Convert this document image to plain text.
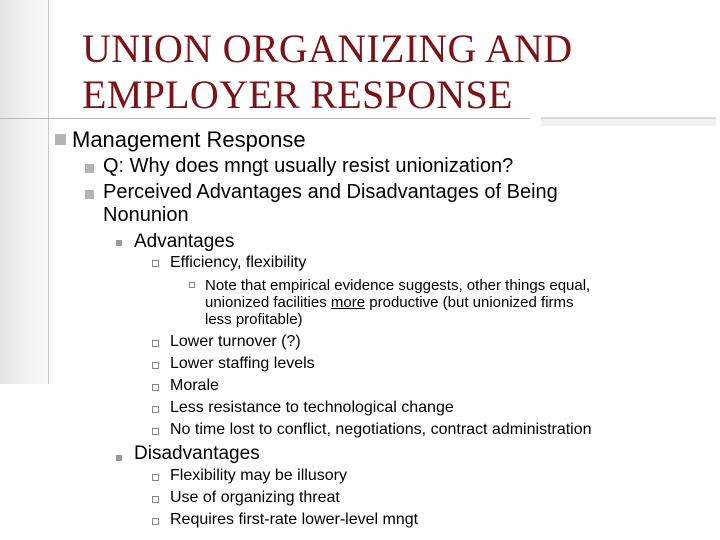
UNION ORGANIZING AND
EMPLOYER RESPONSE
Management Response
Q: Why does mngt usually resist unionization?
Perceived Advantages and Disadvantages of Being
Nonunion
Advantages
Efficiency, flexibility
Note that empirical evidence suggests, other things equal,
unionized facilities more productive (but unionized firms
less profitable)
Lower turnover (?)
Lower staffing levels
Morale
Less resistance to technological change
No time lost to conflict, negotiations, contract administration
Disadvantages
Flexibility may be illusory
Use of organizing threat
Requires first-rate lower-level mngt
